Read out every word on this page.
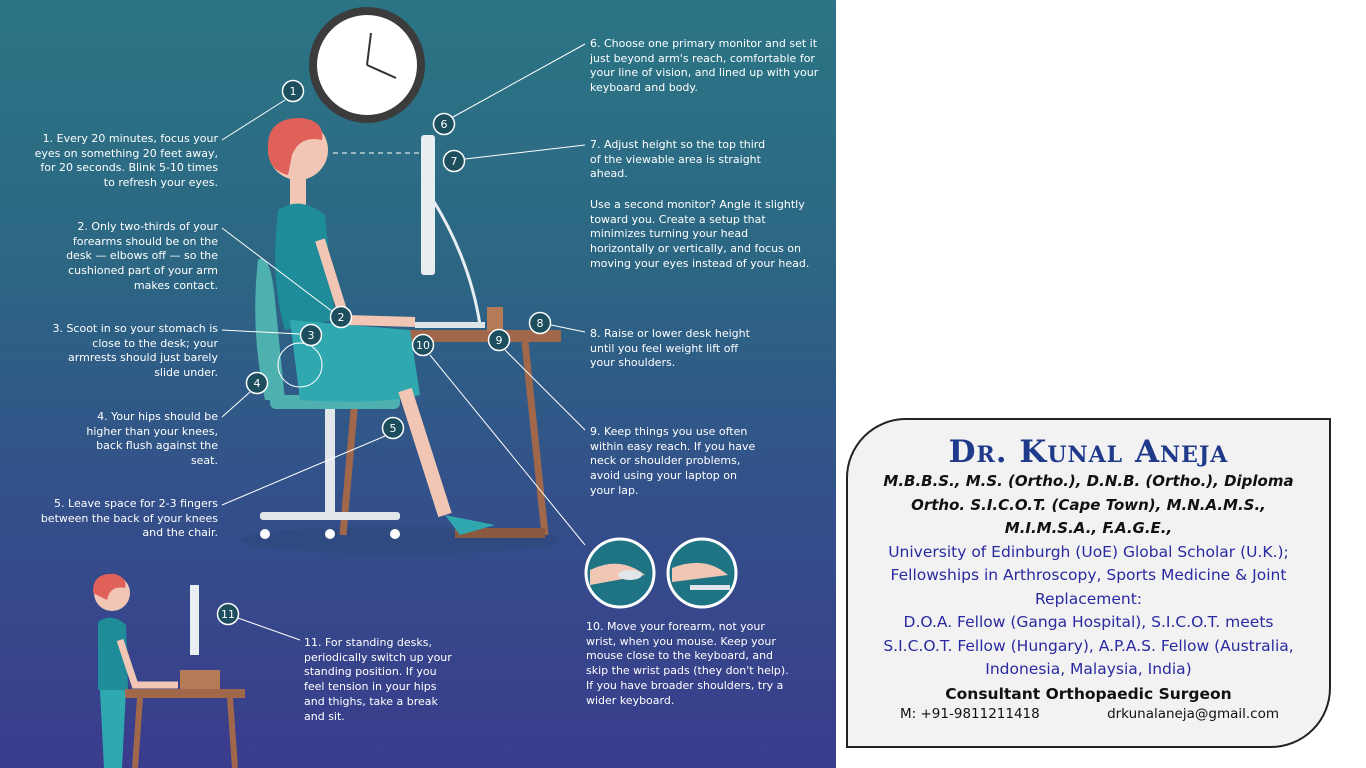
1
2
3
4
5
6
7
8
9
10
11
1. Every 20 minutes, focus your eyes on something 20 feet away, for 20 seconds. Blink 5-10 times to refresh your eyes.
2. Only two-thirds of your forearms should be on the desk — elbows off — so the cushioned part of your arm makes contact.
3. Scoot in so your stomach is close to the desk; your armrests should just barely slide under.
4. Your hips should be higher than your knees, back flush against the seat.
5. Leave space for 2-3 fingers between the back of your knees and the chair.
6. Choose one primary monitor and set it just beyond arm's reach, comfortable for your line of vision, and lined up with your keyboard and body.
7. Adjust height so the top third of the viewable area is straight ahead.
Use a second monitor? Angle it slightly toward you. Create a setup that minimizes turning your head horizontally or vertically, and focus on moving your eyes instead of your head.
8. Raise or lower desk height until you feel weight lift off your shoulders.
9. Keep things you use often within easy reach. If you have neck or shoulder problems, avoid using your laptop on your lap.
10. Move your forearm, not your wrist, when you mouse. Keep your mouse close to the keyboard, and skip the wrist pads (they don't help). If you have broader shoulders, try a wider keyboard.
11. For standing desks, periodically switch up your standing position. If you feel tension in your hips and thighs, take a break and sit.
Dr. Kunal Aneja
M.B.B.S., M.S. (Ortho.), D.N.B. (Ortho.), Diploma
Ortho. S.I.C.O.T. (Cape Town), M.N.A.M.S.,
M.I.M.S.A., F.A.G.E.,
University of Edinburgh (UoE) Global Scholar (U.K.);
Fellowships in Arthroscopy, Sports Medicine & Joint
Replacement:
D.O.A. Fellow (Ganga Hospital), S.I.C.O.T. meets
S.I.C.O.T. Fellow (Hungary), A.P.A.S. Fellow (Australia,
Indonesia, Malaysia, India)
Consultant Orthopaedic Surgeon
M: +91-9811211418	drkunalaneja@gmail.com
